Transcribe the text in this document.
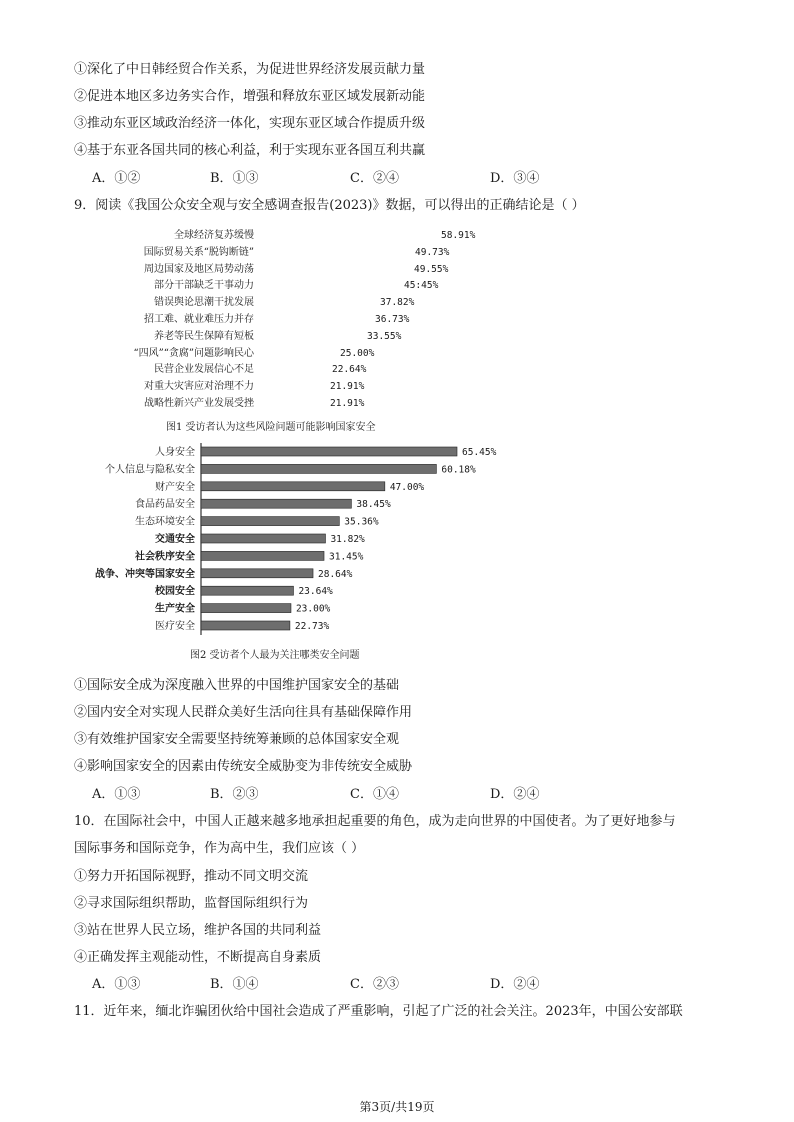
①深化了中日韩经贸合作关系，为促进世界经济发展贡献力量
②促进本地区多边务实合作，增强和释放东亚区域发展新动能
③推动东亚区域政治经济一体化，实现东亚区域合作提质升级
④基于东亚各国共同的核心利益，利于实现东亚各国互利共赢
A．①②	B．①③	C．②④	D．③④
9．阅读《我国公众安全观与安全感调查报告(2023)》数据，可以得出的正确结论是（ ）
全球经济复苏缓慢
国际贸易关系“脱钩断链”
周边国家及地区局势动荡
部分干部缺乏干事动力
错误舆论思潮干扰发展
招工难、就业难压力并存
养老等民生保障有短板
“四风”“贪腐”问题影响民心
民营企业发展信心不足
对重大灾害应对治理不力
战略性新兴产业发展受挫
58.91%
49.73%
49.55%
45:45%
37.82%
36.73%
33.55%
25.00%
22.64%
21.91%
21.91%
图1 受访者认为这些风险问题可能影响国家安全
人身安全
个人信息与隐私安全
财产安全
食品药品安全
生态环境安全
交通安全
社会秩序安全
战争、冲突等国家安全
校园安全
生产安全
医疗安全
65.45%
60.18%
47.00%
38.45%
35.36%
31.82%
31.45%
28.64%
23.64%
23.00%
22.73%
图2 受访者个人最为关注哪类安全问题
①国际安全成为深度融入世界的中国维护国家安全的基础
②国内安全对实现人民群众美好生活向往具有基础保障作用
③有效维护国家安全需要坚持统筹兼顾的总体国家安全观
④影响国家安全的因素由传统安全威胁变为非传统安全威胁
A．①③	B．②③	C．①④	D．②④
10．在国际社会中，中国人正越来越多地承担起重要的角色，成为走向世界的中国使者。为了更好地参与
国际事务和国际竞争，作为高中生，我们应该（ ）
①努力开拓国际视野，推动不同文明交流
②寻求国际组织帮助，监督国际组织行为
③站在世界人民立场，维护各国的共同利益
④正确发挥主观能动性，不断提高自身素质
A．①③	B．①④	C．②③	D．②④
11．近年来，缅北诈骗团伙给中国社会造成了严重影响，引起了广泛的社会关注。2023年，中国公安部联
第3页/共19页
